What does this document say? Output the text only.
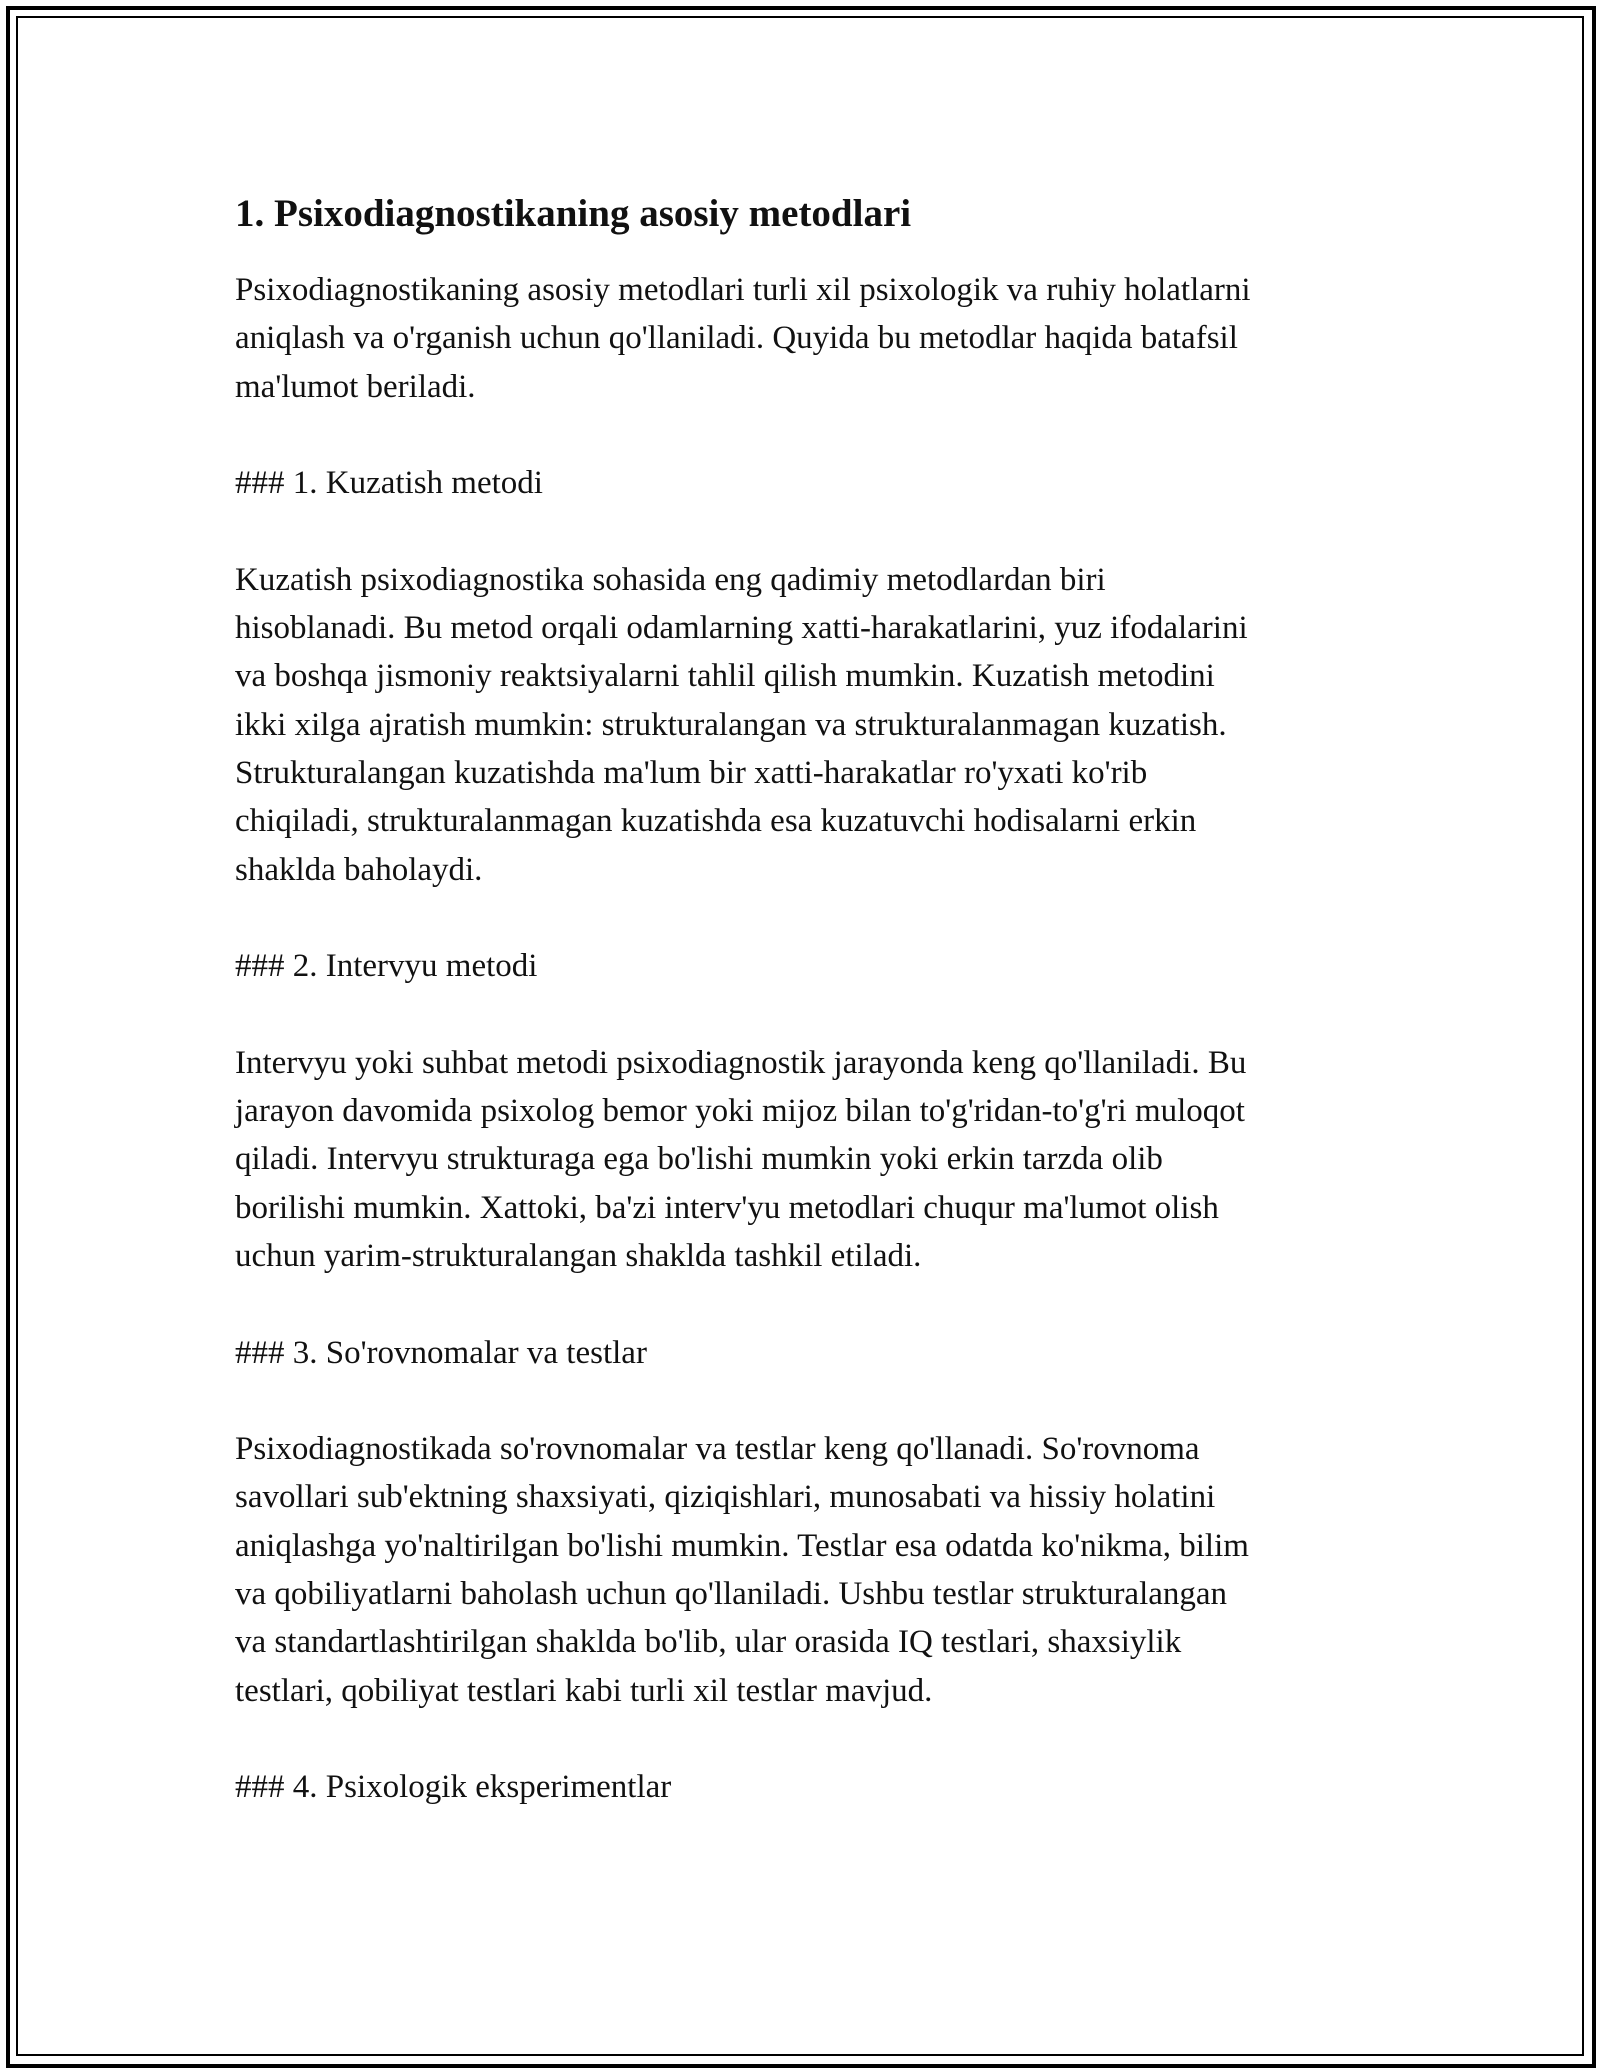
1. Psixodiagnostikaning asosiy metodlari

Psixodiagnostikaning asosiy metodlari turli xil psixologik va ruhiy holatlarni

aniqlash va o'rganish uchun qo'llaniladi. Quyida bu metodlar haqida batafsil

ma'lumot beriladi.

### 1. Kuzatish metodi

Kuzatish psixodiagnostika sohasida eng qadimiy metodlardan biri

hisoblanadi. Bu metod orqali odamlarning xatti-harakatlarini, yuz ifodalarini

va boshqa jismoniy reaktsiyalarni tahlil qilish mumkin. Kuzatish metodini

ikki xilga ajratish mumkin: strukturalangan va strukturalanmagan kuzatish.

Strukturalangan kuzatishda ma'lum bir xatti-harakatlar ro'yxati ko'rib

chiqiladi, strukturalanmagan kuzatishda esa kuzatuvchi hodisalarni erkin

shaklda baholaydi.

### 2. Intervyu metodi

Intervyu yoki suhbat metodi psixodiagnostik jarayonda keng qo'llaniladi. Bu

jarayon davomida psixolog bemor yoki mijoz bilan to'g'ridan-to'g'ri muloqot

qiladi. Intervyu strukturaga ega bo'lishi mumkin yoki erkin tarzda olib

borilishi mumkin. Xattoki, ba'zi interv'yu metodlari chuqur ma'lumot olish

uchun yarim-strukturalangan shaklda tashkil etiladi.

### 3. So'rovnomalar va testlar

Psixodiagnostikada so'rovnomalar va testlar keng qo'llanadi. So'rovnoma

savollari sub'ektning shaxsiyati, qiziqishlari, munosabati va hissiy holatini

aniqlashga yo'naltirilgan bo'lishi mumkin. Testlar esa odatda ko'nikma, bilim

va qobiliyatlarni baholash uchun qo'llaniladi. Ushbu testlar strukturalangan

va standartlashtirilgan shaklda bo'lib, ular orasida IQ testlari, shaxsiylik

testlari, qobiliyat testlari kabi turli xil testlar mavjud.

### 4. Psixologik eksperimentlar
